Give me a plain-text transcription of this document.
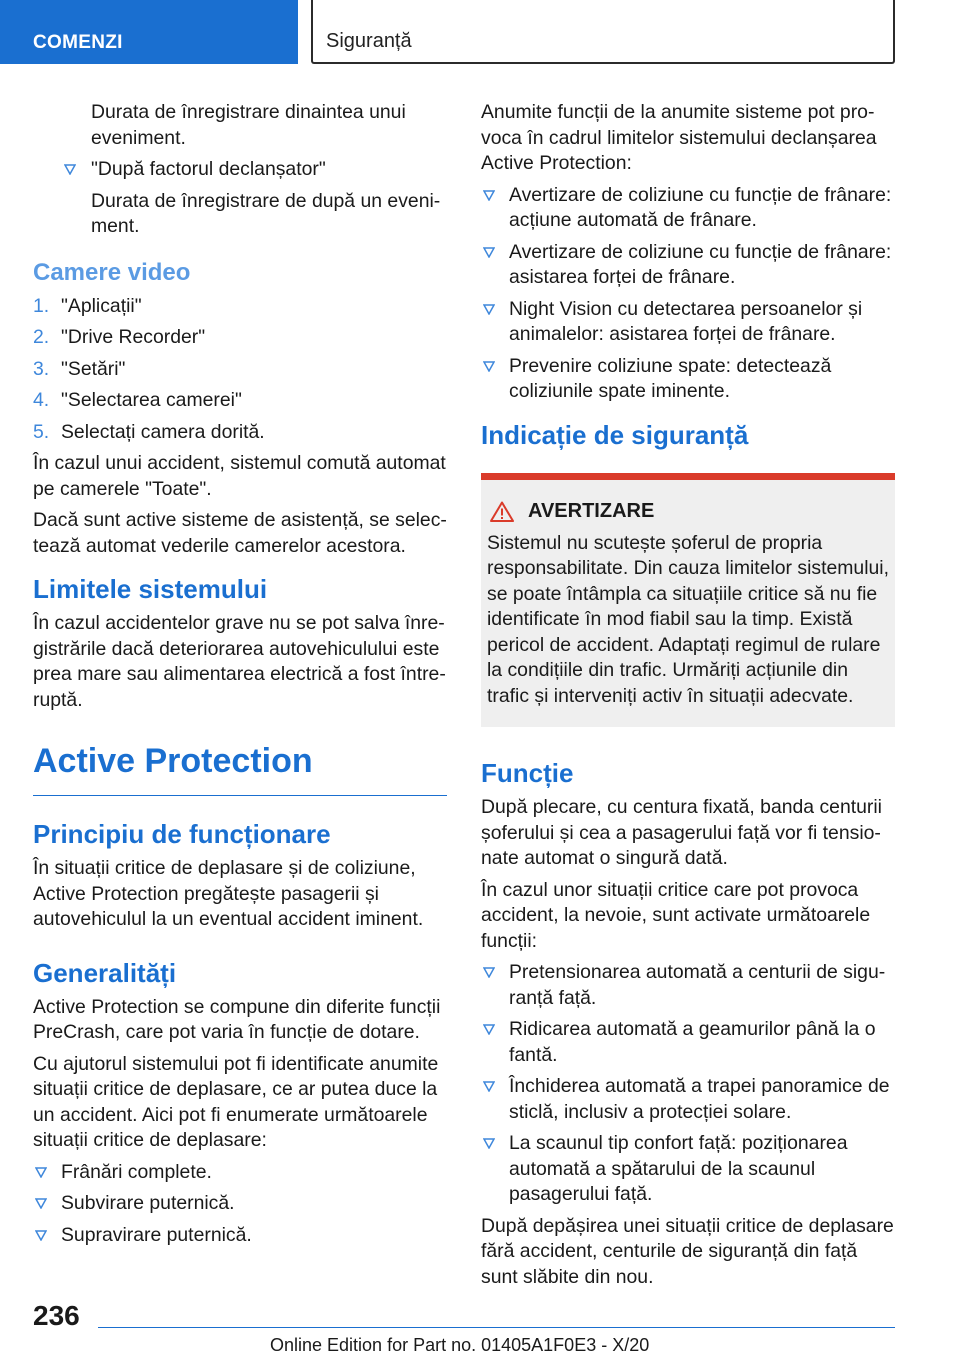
COMENZI	Siguranță

Durata de înregistrare dinaintea unui eveniment.

"După factorul declanșator"

Durata de înregistrare de după un eveniment.

Camere video
1. "Aplicații"
2. "Drive Recorder"
3. "Setări"
4. "Selectarea camerei"
5. Selectați camera dorită.

În cazul unui accident, sistemul comută automat pe camerele "Toate".

Dacă sunt active sisteme de asistență, se selectează automat vederile camerelor acestora.

Limitele sistemului

În cazul accidentelor grave nu se pot salva înregistrările dacă deteriorarea autovehiculului este prea mare sau alimentarea electrică a fost întreruptă.

Active Protection
Principiu de funcționare

În situații critice de deplasare și de coliziune, Active Protection pregătește pasagerii și autovehiculul la un eventual accident iminent.

Generalități

Active Protection se compune din diferite funcții PreCrash, care pot varia în funcție de dotare.

Cu ajutorul sistemului pot fi identificate anumite situații critice de deplasare, ce ar putea duce la un accident. Aici pot fi enumerate următoarele situații critice de deplasare:

Frânări complete.
Subvirare puternică.
Supravirare puternică.

Anumite funcții de la anumite sisteme pot provoca în cadrul limitelor sistemului declanșarea Active Protection:

Avertizare de coliziune cu funcție de frânare: acțiune automată de frânare.
Avertizare de coliziune cu funcție de frânare: asistarea forței de frânare.
Night Vision cu detectarea persoanelor și animalelor: asistarea forței de frânare.
Prevenire coliziune spate: detectează coliziunile spate iminente.
Indicație de siguranță
AVERTIZARE

Sistemul nu scutește șoferul de propria responsabilitate. Din cauza limitelor sistemului, se poate întâmpla ca situațiile critice să nu fie identificate în mod fiabil sau la timp. Există pericol de accident. Adaptați regimul de rulare la condițiile din trafic. Urmăriți acțiunile din trafic și interveniți activ în situații adecvate.

Funcție

După plecare, cu centura fixată, banda centurii șoferului și cea a pasagerului față vor fi tensionate automat o singură dată.

În cazul unor situații critice care pot provoca accident, la nevoie, sunt activate următoarele funcții:

Pretensionarea automată a centurii de siguranță față.
Ridicarea automată a geamurilor până la o fantă.
Închiderea automată a trapei panoramice de sticlă, inclusiv a protecției solare.
La scaunul tip confort față: poziționarea automată a spătarului de la scaunul pasagerului față.

După depășirea unei situații critice de deplasare fără accident, centurile de siguranță din față sunt slăbite din nou.

236
Online Edition for Part no. 01405A1F0E3 - X/20
